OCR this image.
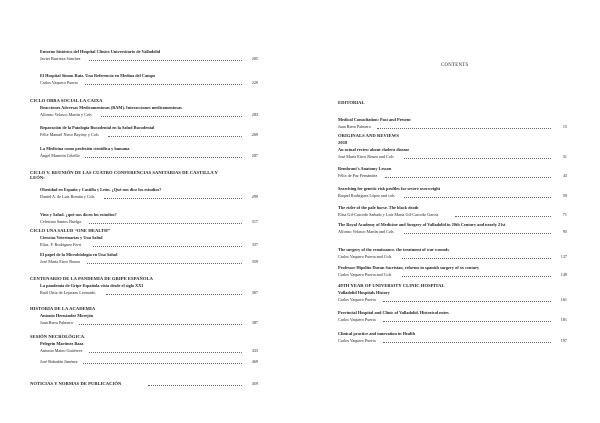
Entorno histórico del Hospital Clínico Universitario de Valladolid
Javier Burrieza Sánchez	205
El Hospital Simon Ruiz. Una Referencia en Medina del Campo
Carlos Vaquero Puerta	229
CICLO OBRA SOCIAL LA CAIXA
Reacciones Adversas Medicamentosas (RAM). Interacciones medicamentosas
Alfonso Velasco Martín y Cols	283
Reparación de la Patología Bucodental en la Salud Bucodental
Félix Manuel Nieto Bayóny y Cols	269
La Medicina como profesión científica y humana
Ángel Manrión Cebello	287
CICLO V. REUNIÓN DE LAS CUATRO CONFERENCIAS SANITARIAS DE CASTILLA Y LEÓN:
Obesidad en España y Castilla y León. ¿Qué nos dice los estudios?
Daniel A. de Luis Román y Cols	299
Vino y Salud. ¿qué nos dicen los estudios?
Celestino Santos Buelga	317
CICLO UNA SALUD “ONE HEALTH”
Ciencias Veterinarias y Una Salud
Elías. F. Rodríguez Ferri	337
El papel de la Microbiología en Una Salud
José María Eiros Bouza	359
CENTENARIO DE LA PANDEMIA DE GRIPE ESPAÑOLA
La pandemia de Gripe Española vista desde el siglo XXI
Raúl Ortiz de Lejarazu Leonardo	367
HISTORIA DE LA ACADEMIA
Antonio Hernández Morejón
Juan Riera Palmero	387
SESIÓN NECROLÓGICA.
Pelegrín Martínez Baza
Antonio Mateo Gutiérrez	433
José Rabadán Jiménez	469
NOTICIAS Y NORMAS DE PUBLICACIÓN	459
CONTENTS
EDITORIAL
Medical Consultation: Past and Present
Juan Riera Palmero	15
ORIGINALS AND REVIEWS
2018
An actual review about cholera disease
José María Eiros Bouza and Cols	31
Rembrant's Anatomy Lesson
Félix de Paz Fernández	43
Searching for genetic risk profiles for severe overweight
Raquel Rodríguez López and cols	59
The rider of the pale horse. The black death
Elisa Gil-Carcedo Sañudo y Luis María Gil-Carcedo García	71
The Royal Academy of Medicine and Surgery of Valladolid in 20th Century and nearly 21st
Alfonso Velasco Martín and Cols	95
The surgery of the renaissance. the treatment of war wounds
Carlos Vaquero Puerta and Cols	137
Professor Hipolito Duran Sacristan, reforms in spanish surgery of xx century
Carlos Vaquero Puerta and Cols	149
40TH YEAR OF UNIVERSITY CLINIC HOSPITAL
Valladolid Hospitals History
Carlos Vaquero Puerta	161
Provincial Hospital and Clinic of Valladolid. Historical notes
Carlos Vaquero Puerta	181
Clinical practice and innovation in Health
Carlos Vaquero Puerta	197
